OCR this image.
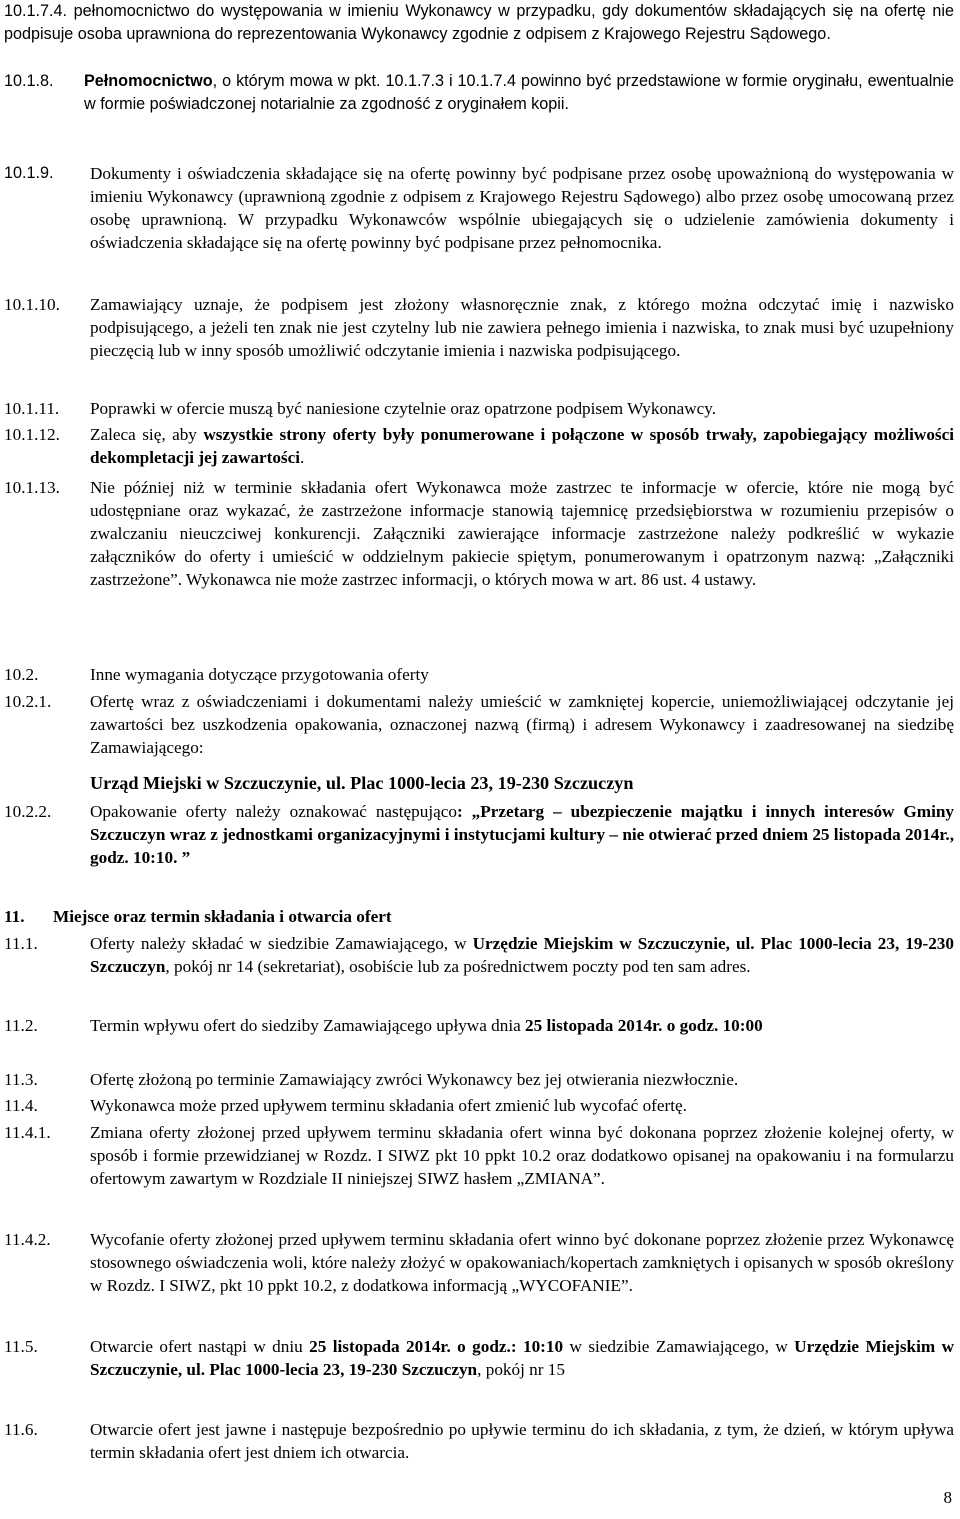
10.1.7.4. pełnomocnictwo do występowania w imieniu Wykonawcy w przypadku, gdy dokumentów składających się na ofertę nie podpisuje osoba uprawniona do reprezentowania Wykonawcy zgodnie z odpisem z Krajowego Rejestru Sądowego.
10.1.8. Pełnomocnictwo, o którym mowa w pkt. 10.1.7.3 i 10.1.7.4 powinno być przedstawione w formie oryginału, ewentualnie w formie poświadczonej notarialnie za zgodność z oryginałem kopii.
10.1.9. Dokumenty i oświadczenia składające się na ofertę powinny być podpisane przez osobę upoważnioną do występowania w imieniu Wykonawcy (uprawnioną zgodnie z odpisem z Krajowego Rejestru Sądowego) albo przez osobę umocowaną przez osobę uprawnioną. W przypadku Wykonawców wspólnie ubiegających się o udzielenie zamówienia dokumenty i oświadczenia składające się na ofertę powinny być podpisane przez pełnomocnika.
10.1.10. Zamawiający uznaje, że podpisem jest złożony własnoręcznie znak, z którego można odczytać imię i nazwisko podpisującego, a jeżeli ten znak nie jest czytelny lub nie zawiera pełnego imienia i nazwiska, to znak musi być uzupełniony pieczęcią lub w inny sposób umożliwić odczytanie imienia i nazwiska podpisującego.
10.1.11. Poprawki w ofercie muszą być naniesione czytelnie oraz opatrzone podpisem Wykonawcy.
10.1.12. Zaleca się, aby wszystkie strony oferty były ponumerowane i połączone w sposób trwały, zapobiegający możliwości dekompletacji jej zawartości.
10.1.13. Nie później niż w terminie składania ofert Wykonawca może zastrzec te informacje w ofercie, które nie mogą być udostępniane oraz wykazać, że zastrzeżone informacje stanowią tajemnicę przedsiębiorstwa w rozumieniu przepisów o zwalczaniu nieuczciwej konkurencji. Załączniki zawierające informacje zastrzeżone należy podkreślić w wykazie załączników do oferty i umieścić w oddzielnym pakiecie spiętym, ponumerowanym i opatrzonym nazwą: „Załączniki zastrzeżone”. Wykonawca nie może zastrzec informacji, o których mowa w art. 86 ust. 4 ustawy.
10.2.	Inne wymagania dotyczące przygotowania oferty
10.2.1. Ofertę wraz z oświadczeniami i dokumentami należy umieścić w zamkniętej kopercie, uniemożliwiającej odczytanie jej zawartości bez uszkodzenia opakowania, oznaczonej nazwą (firmą) i adresem Wykonawcy i zaadresowanej na siedzibę Zamawiającego:
Urząd Miejski w Szczuczynie, ul. Plac 1000-lecia 23, 19-230 Szczuczyn
10.2.2. Opakowanie oferty należy oznakować następująco: „Przetarg – ubezpieczenie majątku i innych interesów Gminy Szczuczyn wraz z jednostkami organizacyjnymi i instytucjami kultury – nie otwierać przed dniem 25 listopada 2014r., godz. 10:10. ”
11. Miejsce oraz termin składania i otwarcia ofert
11.1.	Oferty należy składać w siedzibie Zamawiającego, w Urzędzie Miejskim w Szczuczynie, ul. Plac 1000-lecia 23, 19-230 Szczuczyn, pokój nr 14 (sekretariat), osobiście lub za pośrednictwem poczty pod ten sam adres.
11.2.	Termin wpływu ofert do siedziby Zamawiającego upływa dnia 25 listopada 2014r. o godz. 10:00
11.3.	Ofertę złożoną po terminie Zamawiający zwróci Wykonawcy bez jej otwierania niezwłocznie.
11.4.	Wykonawca może przed upływem terminu składania ofert zmienić lub wycofać ofertę.
11.4.1. Zmiana oferty złożonej przed upływem terminu składania ofert winna być dokonana poprzez złożenie kolejnej oferty, w sposób i formie przewidzianej w Rozdz. I SIWZ pkt 10 ppkt 10.2 oraz dodatkowo opisanej na opakowaniu i na formularzu ofertowym zawartym w Rozdziale II niniejszej SIWZ hasłem „ZMIANA”.
11.4.2. Wycofanie oferty złożonej przed upływem terminu składania ofert winno być dokonane poprzez złożenie przez Wykonawcę stosownego oświadczenia woli, które należy złożyć w opakowaniach/kopertach zamkniętych i opisanych w sposób określony w Rozdz. I SIWZ, pkt 10 ppkt 10.2, z dodatkowa informacją „WYCOFANIE”.
11.5.	Otwarcie ofert nastąpi w dniu 25 listopada 2014r. o godz.: 10:10 w siedzibie Zamawiającego, w Urzędzie Miejskim w Szczuczynie, ul. Plac 1000-lecia 23, 19-230 Szczuczyn, pokój nr 15
11.6.	Otwarcie ofert jest jawne i następuje bezpośrednio po upływie terminu do ich składania, z tym, że dzień, w którym upływa termin składania ofert jest dniem ich otwarcia.
8
